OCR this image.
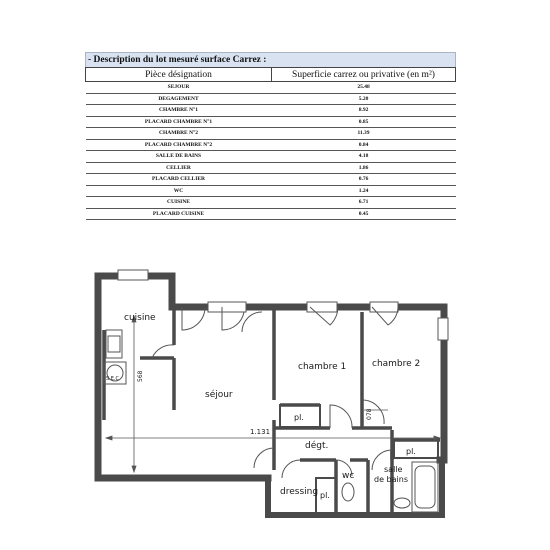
- Description du lot mesuré surface Carrez :
Pièce désignation	Superficie carrez ou privative (en m²)
SEJOUR	25.48
DEGAGEMENT	5.20
CHAMBRE N°1	8.92
PLACARD CHAMBRE N°1	0.85
CHAMBRE N°2	11.39
PLACARD CHAMBRE N°2	0.84
SALLE DE BAINS	4.18
CELLIER	1.86
PLACARD CELLIER	0.76
WC	1.24
CUISINE	6.71
PLACARD CUISINE	0.45
cuisine
séjour
chambre 1	chambre 2
dégt.
dressing
wc
pl.
pl.
pl.
salle de bains
S.E.C
1.131
568
078
